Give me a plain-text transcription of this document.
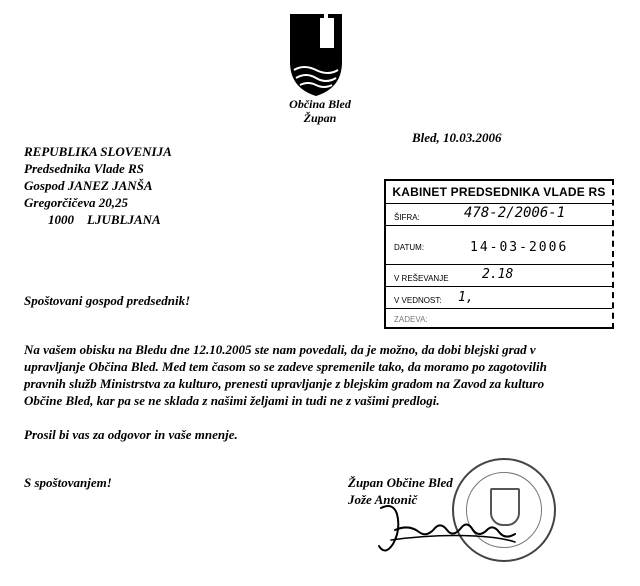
Občina Bled
Župan
Bled, 10.03.2006
REPUBLIKA SLOVENIJA
Predsednika Vlade RS
Gospod JANEZ JANŠA
Gregorčičeva 20,25
1000 LJUBLJANA
KABINET PREDSEDNIKA VLADE RS
ŠIFRA:	478-2/2006-1
DATUM:	14-03-2006
V REŠEVANJE	2.18
V VEDNOST: 1,
ZADEVA:
Spoštovani gospod predsednik!
Na vašem obisku na Bledu dne 12.10.2005 ste nam povedali, da je možno, da dobi blejski grad v
upravljanje Občina Bled. Med tem časom so se zadeve spremenile tako, da moramo po zagotovilih
pravnih služb Ministrstva za kulturo, prenesti upravljanje z blejskim gradom na Zavod za kulturo
Občine Bled, kar pa se ne sklada z našimi željami in tudi ne z vašimi predlogi.
Prosil bi vas za odgovor in vaše mnenje.
S spoštovanjem!	Župan Občine Bled
Jože Antonič
